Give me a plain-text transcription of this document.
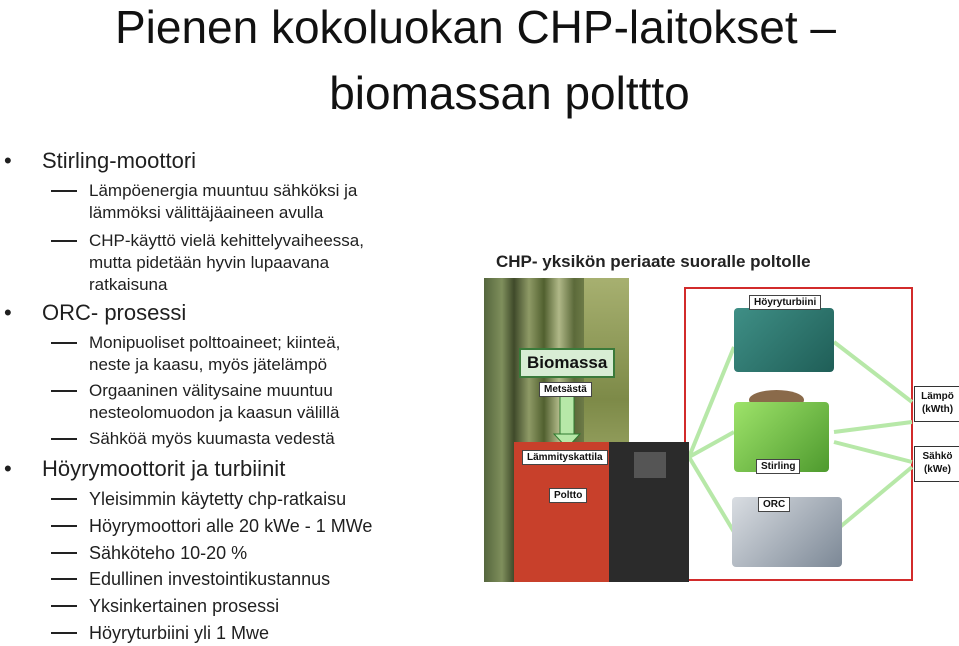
Pienen kokoluokan CHP-laitokset –
biomassan polttto
• Stirling-moottori
Lämpöenergia muuntuu sähköksi ja
lämmöksi välittäjäaineen avulla
CHP-käyttö vielä kehittelyvaiheessa,
mutta pidetään hyvin lupaavana
ratkaisuna
• ORC- prosessi
Monipuoliset polttoaineet; kiinteä,
neste ja kaasu, myös jätelämpö
Orgaaninen välitysaine muuntuu
nesteolomuodon ja kaasun välillä
Sähköä myös kuumasta vedestä
• Höyrymoottorit ja turbiinit
Yleisimmin käytetty chp-ratkaisu
Höyrymoottori alle 20 kWe - 1 MWe
Sähköteho 10-20 %
Edullinen investointikustannus
Yksinkertainen prosessi
Höyryturbiini yli 1 Mwe
CHP- yksikön periaate suoralle poltolle
Biomassa
Metsästä
Lämmityskattila
Poltto
Höyryturbiini
Stirling
ORC
Lämpö
(kWth)
Sähkö
(kWe)
